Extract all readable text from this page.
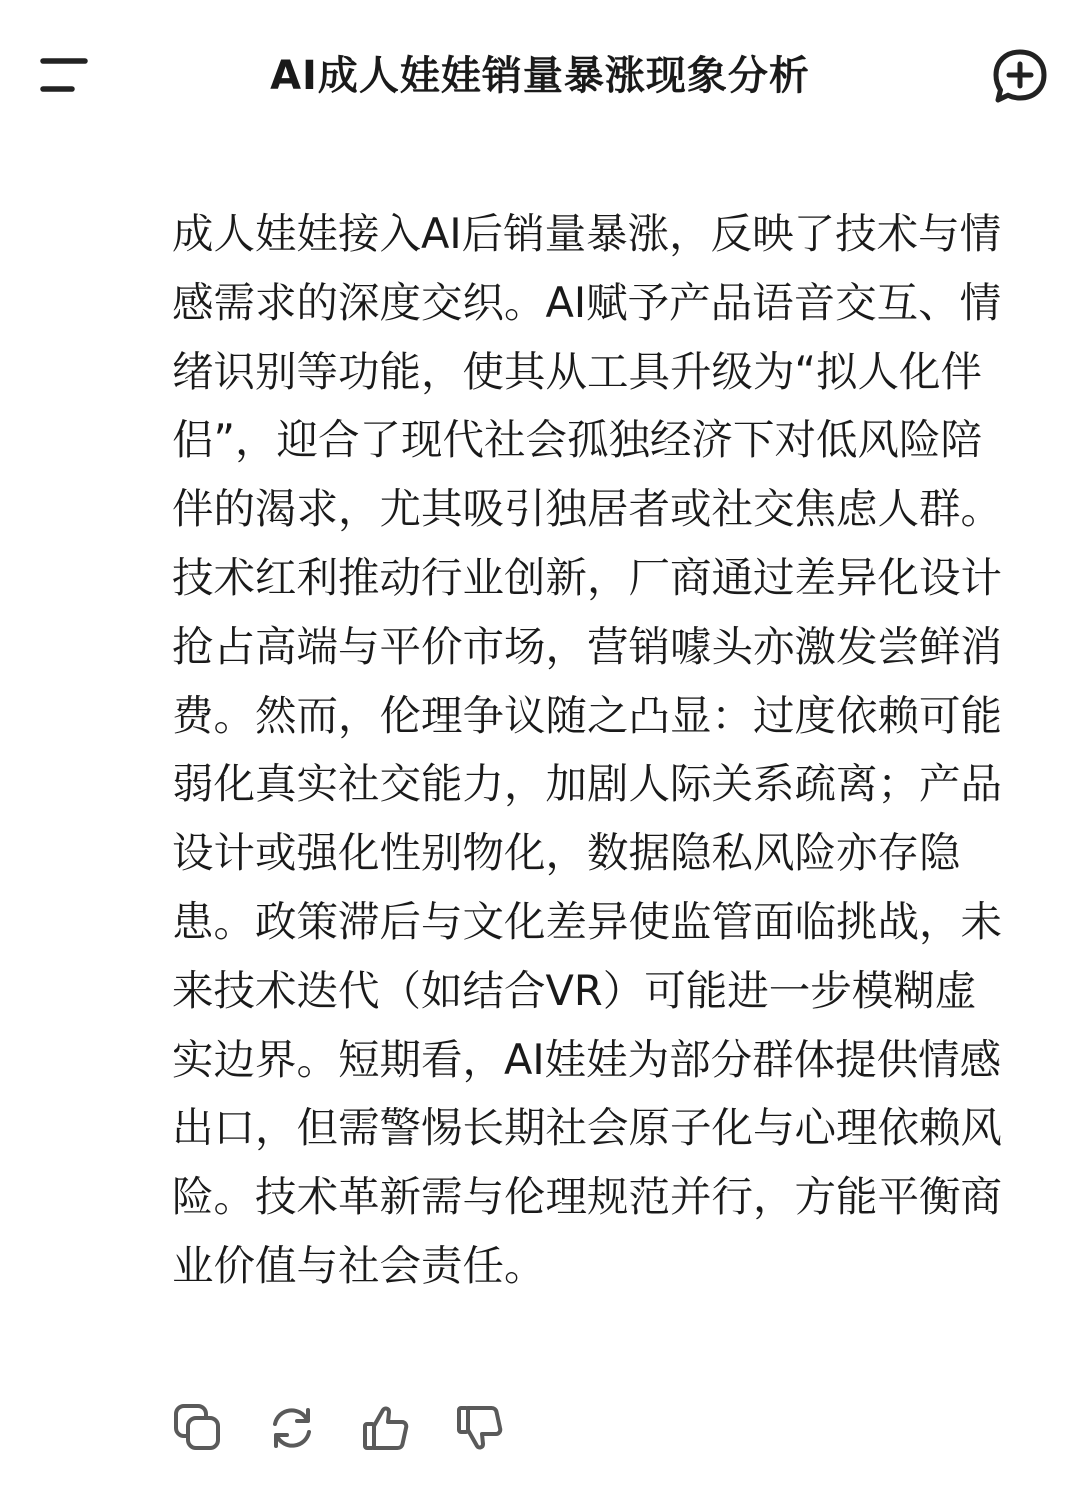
AI成人娃娃销量暴涨现象分析

成人娃娃接入AI后销量暴涨，反映了技术与情感需求的深度交织。AI赋予产品语音交互、情绪识别等功能，使其从工具升级为“拟人化伴侣”，迎合了现代社会孤独经济下对低风险陪伴的渴求，尤其吸引独居者或社交焦虑人群。技术红利推动行业创新，厂商通过差异化设计抢占高端与平价市场，营销噱头亦激发尝鲜消费。然而，伦理争议随之凸显：过度依赖可能弱化真实社交能力，加剧人际关系疏离；产品设计或强化性别物化，数据隐私风险亦存隐患。政策滞后与文化差异使监管面临挑战，未来技术迭代（如结合VR）可能进一步模糊虚实边界。短期看，AI娃娃为部分群体提供情感出口，但需警惕长期社会原子化与心理依赖风险。技术革新需与伦理规范并行，方能平衡商业价值与社会责任。
